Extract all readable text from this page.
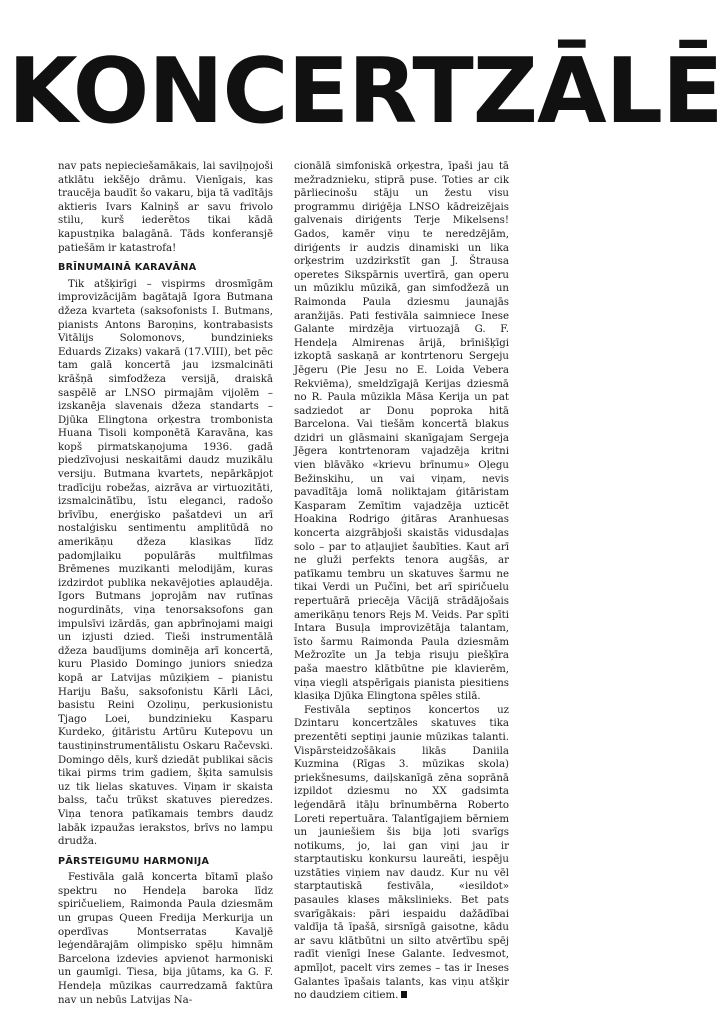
KONCERTZĀLĒ

nav pats nepieciešamākais, lai saviļņojoši atklātu iekšējo drāmu. Vienīgais, kas traucēja baudīt šo vakaru, bija tā vadītājs aktieris Ivars Kalniņš ar savu frivolo stilu, kurš iederētos tikai kādā kapustņika balagānā. Tāds konferansjē patiešām ir katastrofa!

BRĪNUMAINĀ KARAVĀNA

Tik atšķirīgi – vispirms drosmīgām improvizācijām bagātajā Igora Butmana džeza kvarteta (saksofonists I. Butmans, pianists Antons Baroņins, kontrabasists Vitālijs Solomonovs, bundzinieks Eduards Zizaks) vakarā (17.VIII), bet pēc tam galā koncertā jau izsmalcināti krāšņā simfodžeza versijā, draiskā saspēlē ar LNSO pirmajām vijolēm – izskanēja slavenais džeza standarts – Djūka Elingtona orķestra trombonista Huana Tisoli komponētā Karavāna, kas kopš pirmatskaņojuma 1936. gadā piedzīvojusi neskaitāmi daudz muzikālu versiju. Butmana kvartets, nepārkāpjot tradīciju robežas, aizrāva ar virtuozitāti, izsmalcinātību, īstu eleganci, radošo brīvību, enerģisko pašatdevi un arī nostalģisku sentimentu amplitūdā no amerikāņu džeza klasikas līdz padomjlaiku populārās multfilmas Brēmenes muzikanti melodijām, kuras izdzirdot publika nekavējoties aplaudēja. Igors Butmans joprojām nav rutīnas nogurdināts, viņa tenorsaksofons gan impulsīvi izārdās, gan apbrīnojami maigi un izjusti dzied. Tieši instrumentālā džeza baudījums dominēja arī koncertā, kuru Plasido Domingo juniors sniedza kopā ar Latvijas mūziķiem – pianistu Hariju Bašu, saksofonistu Kārli Lāci, basistu Reini Ozoliņu, perkusionistu Tjago Loei, bundzinieku Kasparu Kurdeko, ģitāristu Artūru Kutepovu un taustiņinstrumentālistu Oskaru Račevski. Domingo dēls, kurš dziedāt publikai sācis tikai pirms trim gadiem, šķita samulsis uz tik lielas skatuves. Viņam ir skaista balss, taču trūkst skatuves pieredzes. Viņa tenora patīkamais tembrs daudz labāk izpaužas ierakstos, brīvs no lampu drudža.

PĀRSTEIGUMU HARMONIJA

Festivāla galā koncerta bītamī plašo spektru no Hendeļa baroka līdz spiričueliem, Raimonda Paula dziesmām un grupas Queen Fredija Merkurija un operdīvas Montserratas Kavaljē leģendārajām olimpisko spēļu himnām Barcelona izdevies apvienot harmoniski un gaumīgi. Tiesa, bija jūtams, ka G. F. Hendeļa mūzikas caurredzamā faktūra nav un nebūs Latvijas Na-

cionālā simfoniskā orķestra, īpaši jau tā mežradznieku, stiprā puse. Toties ar cik pārliecinošu stāju un žestu visu programmu diriģēja LNSO kādreizējais galvenais diriģents Terje Mikelsens! Gados, kamēr viņu te neredzējām, diriģents ir audzis dinamiski un lika orķestrim uzdzirkstīt gan J. Štrausa operetes Sikspārnis uvertīrā, gan operu un mūziklu mūzikā, gan simfodžezā un Raimonda Paula dziesmu jaunajās aranžijās. Pati festivāla saimniece Inese Galante mirdzēja virtuozajā G. F. Hendeļa Almirenas ārijā, brīnišķīgi izkoptā saskaņā ar kontrtenoru Sergeju Jēgeru (Pie Jesu no E. Loida Vebera Rekviēma), smeldzīgajā Kerijas dziesmā no R. Paula mūzikla Māsa Kerija un pat sadziedot ar Donu poproka hitā Barcelona. Vai tiešām koncertā blakus dzidri un glāsmaini skanīgajam Sergeja Jēgera kontrtenoram vajadzēja kritni vien blāvāko «krievu brīnumu» Oļegu Bežinskihu, un vai viņam, nevis pavadītāja lomā noliktajam ģitāristam Kasparam Zemītim vajadzēja uzticēt Hoakina Rodrigo ģitāras Aranhuesas koncerta aizgrābjoši skaistās vidusdaļas solo – par to atļaujiet šaubīties. Kaut arī ne gluži perfekts tenora augšās, ar patīkamu tembru un skatuves šarmu ne tikai Verdi un Pučīni, bet arī spiričuelu repertuārā priecēja Vācijā strādājošais amerikāņu tenors Rejs M. Veids. Par spīti Intara Busuļa improvizētāja talantam, īsto šarmu Raimonda Paula dziesmām Mežrozīte un Ja tebja risuju piešķīra paša maestro klātbūtne pie klavierēm, viņa viegli atspērīgais pianista piesitiens klasiķa Djūka Elingtona spēles stilā.

Festivāla septiņos koncertos uz Dzintaru koncertzāles skatuves tika prezentēti septiņi jaunie mūzikas talanti. Vispārsteidzošākais likās Daniila Kuzmina (Rīgas 3. mūzikas skola) priekšnesums, daiļskanīgā zēna soprānā izpildot dziesmu no XX gadsimta leģendārā itāļu brīnumbērna Roberto Loreti repertuāra. Talantīgajiem bērniem un jauniešiem šis bija ļoti svarīgs notikums, jo, lai gan viņi jau ir starptautisku konkursu laureāti, iespēju uzstāties viņiem nav daudz. Kur nu vēl starptautiskā festivāla, «iesildot» pasaules klases mākslinieks. Bet pats svarīgākais: pāri iespaidu dažādībai valdīja tā īpašā, sirsnīgā gaisotne, kādu ar savu klātbūtni un silto atvērtību spēj radīt vienīgi Inese Galante. Iedvesmot, apmīļot, pacelt virs zemes – tas ir Ineses Galantes īpašais talants, kas viņu atšķir no daudziem citiem.
